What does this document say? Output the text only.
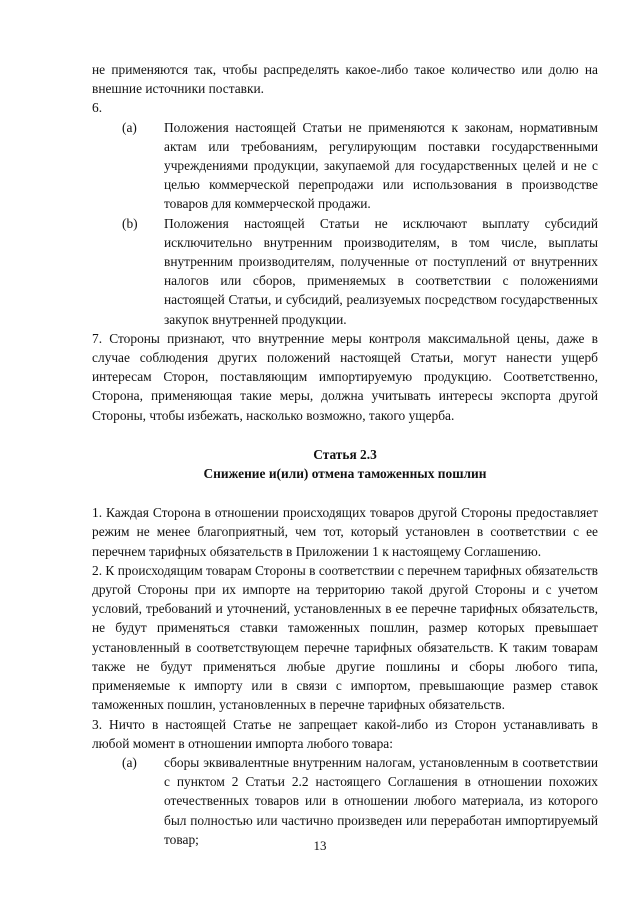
не применяются так, чтобы распределять какое-либо такое количество или долю на внешние источники поставки.

6.
(a)	Положения настоящей Статьи не применяются к законам, нормативным актам или требованиям, регулирующим поставки государственными учреждениями продукции, закупаемой для государственных целей и не с целью коммерческой перепродажи или использования в производстве товаров для коммерческой продажи.
(b)	Положения настоящей Статьи не исключают выплату субсидий исключительно внутренним производителям, в том числе, выплаты внутренним производителям, полученные от поступлений от внутренних налогов или сборов, применяемых в соответствии с положениями настоящей Статьи, и субсидий, реализуемых посредством государственных закупок внутренней продукции.

7. Стороны признают, что внутренние меры контроля максимальной цены, даже в случае соблюдения других положений настоящей Статьи, могут нанести ущерб интересам Сторон, поставляющим импортируемую продукцию. Соответственно, Сторона, применяющая такие меры, должна учитывать интересы экспорта другой Стороны, чтобы избежать, насколько возможно, такого ущерба.

Статья 2.3

Снижение и(или) отмена таможенных пошлин

1. Каждая Сторона в отношении происходящих товаров другой Стороны предоставляет режим не менее благоприятный, чем тот, который установлен в соответствии с ее перечнем тарифных обязательств в Приложении 1 к настоящему Соглашению.

2. К происходящим товарам Стороны в соответствии с перечнем тарифных обязательств другой Стороны при их импорте на территорию такой другой Стороны и с учетом условий, требований и уточнений, установленных в ее перечне тарифных обязательств, не будут применяться ставки таможенных пошлин, размер которых превышает установленный в соответствующем перечне тарифных обязательств. К таким товарам также не будут применяться любые другие пошлины и сборы любого типа, применяемые к импорту или в связи с импортом, превышающие размер ставок таможенных пошлин, установленных в перечне тарифных обязательств.

3. Ничто в настоящей Статье не запрещает какой-либо из Сторон устанавливать в любой момент в отношении импорта любого товара:

(a)	сборы эквивалентные внутренним налогам, установленным в соответствии с пунктом 2 Статьи 2.2 настоящего Соглашения в отношении похожих отечественных товаров или в отношении любого материала, из которого был полностью или частично произведен или переработан импортируемый товар;	13
